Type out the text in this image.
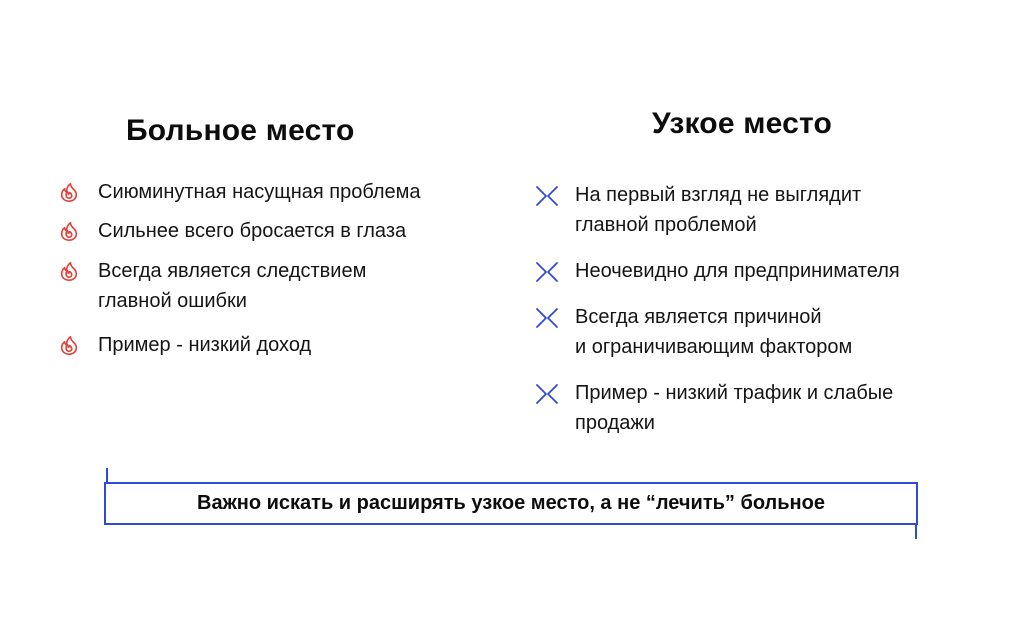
Больное место	Узкое место
Сиюминутная насущная проблема
Сильнее всего бросается в глаза
Всегда является следствием
главной ошибки
Пример - низкий доход
На первый взгляд не выглядит
главной проблемой
Неочевидно для предпринимателя
Всегда является причиной
и ограничивающим фактором
Пример - низкий трафик и слабые
продажи
Важно искать и расширять узкое место, а не “лечить” больное
